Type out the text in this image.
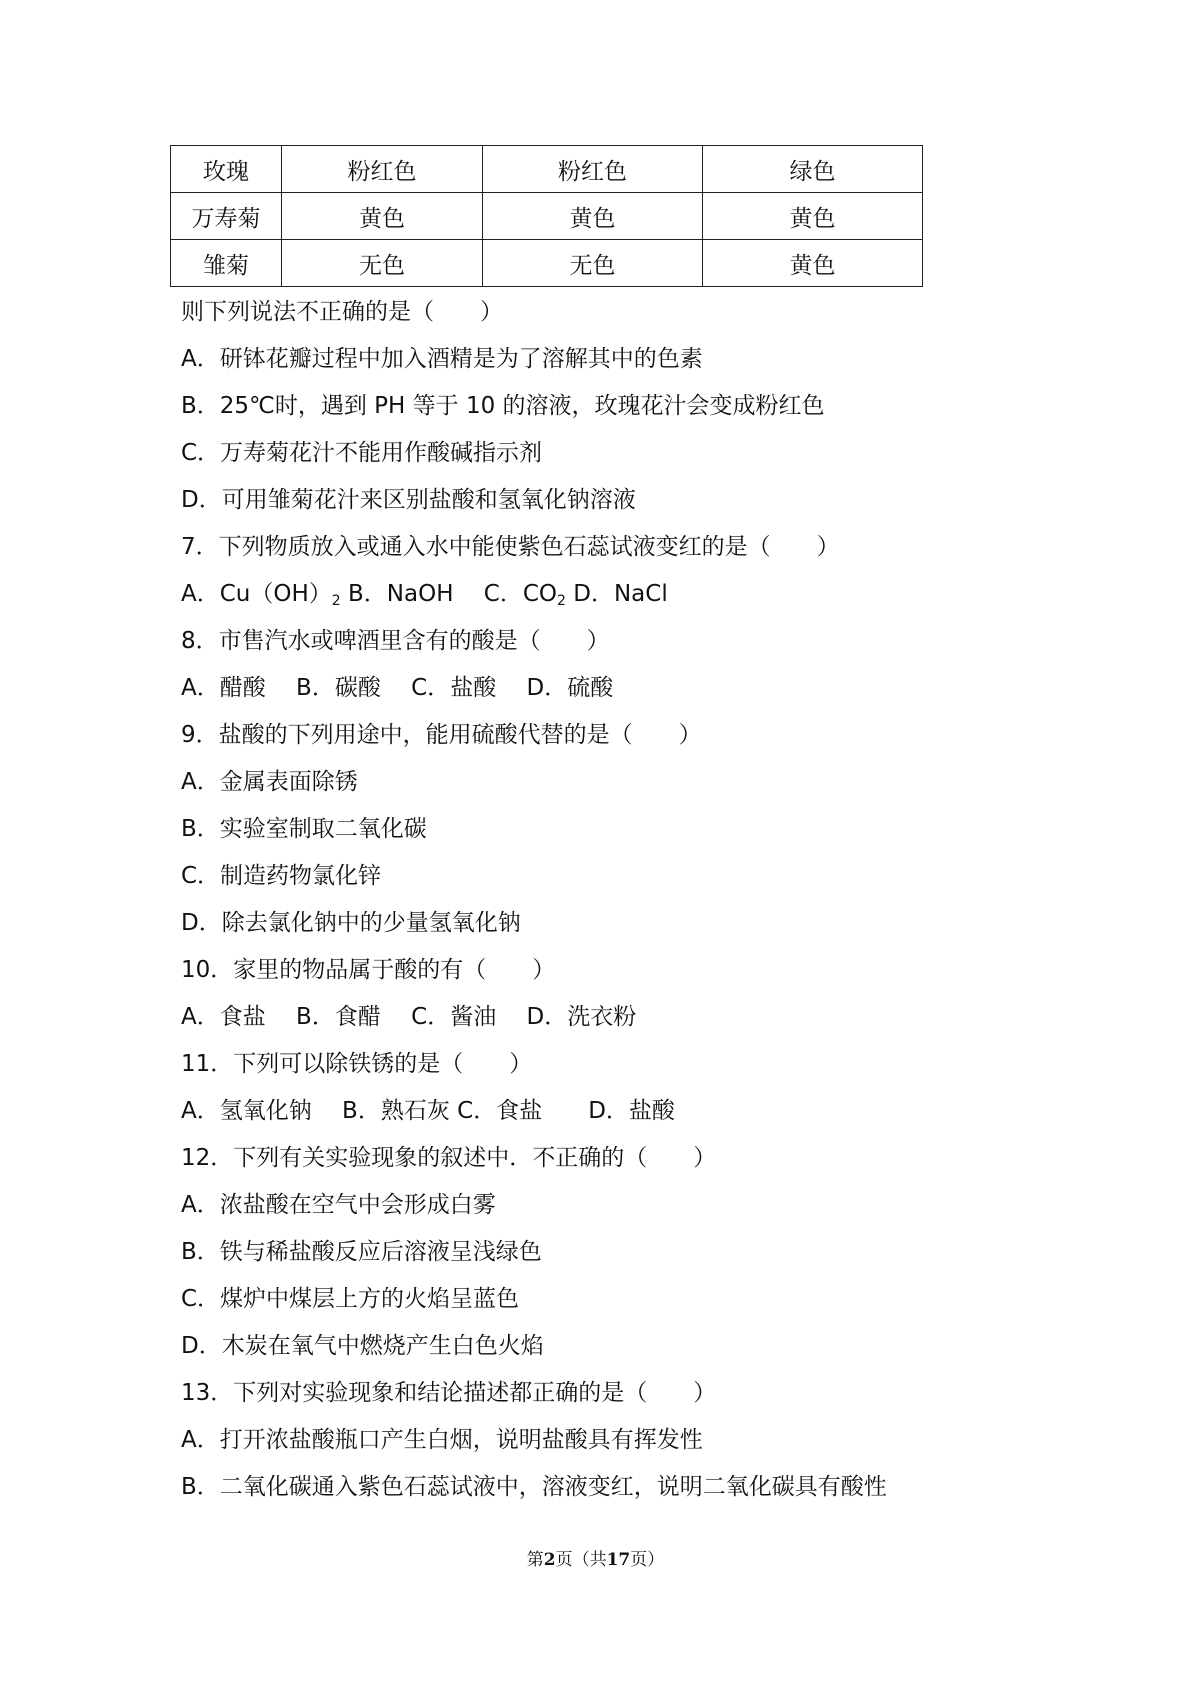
玫瑰	粉红色	粉红色	绿色
万寿菊	黄色	黄色	黄色
雏菊	无色	无色	黄色
则下列说法不正确的是（　　）
A．研钵花瓣过程中加入酒精是为了溶解其中的色素
B．25℃时，遇到 PH 等于 10 的溶液，玫瑰花汁会变成粉红色
C．万寿菊花汁不能用作酸碱指示剂
D．可用雏菊花汁来区别盐酸和氢氧化钠溶液
7．下列物质放入或通入水中能使紫色石蕊试液变红的是（　　）
A．$Cu(OH)_2$ B．NaOH　 C．$CO_2$ D．NaCl
8．市售汽水或啤酒里含有的酸是（　　）
A．醋酸　 B．碳酸　 C．盐酸　 D．硫酸
9．盐酸的下列用途中，能用硫酸代替的是（　　）
A．金属表面除锈
B．实验室制取二氧化碳
C．制造药物氯化锌
D．除去氯化钠中的少量氢氧化钠
10．家里的物品属于酸的有（　　）
A．食盐　 B．食醋　 C．酱油　 D．洗衣粉
11．下列可以除铁锈的是（　　）
A．氢氧化钠　 B．熟石灰 C．食盐　　D．盐酸
12．下列有关实验现象的叙述中．不正确的（　　）
A．浓盐酸在空气中会形成白雾
B．铁与稀盐酸反应后溶液呈浅绿色
C．煤炉中煤层上方的火焰呈蓝色
D．木炭在氧气中燃烧产生白色火焰
13．下列对实验现象和结论描述都正确的是（　　）
A．打开浓盐酸瓶口产生白烟，说明盐酸具有挥发性
B．二氧化碳通入紫色石蕊试液中，溶液变红，说明二氧化碳具有酸性
第2页（共17页）
